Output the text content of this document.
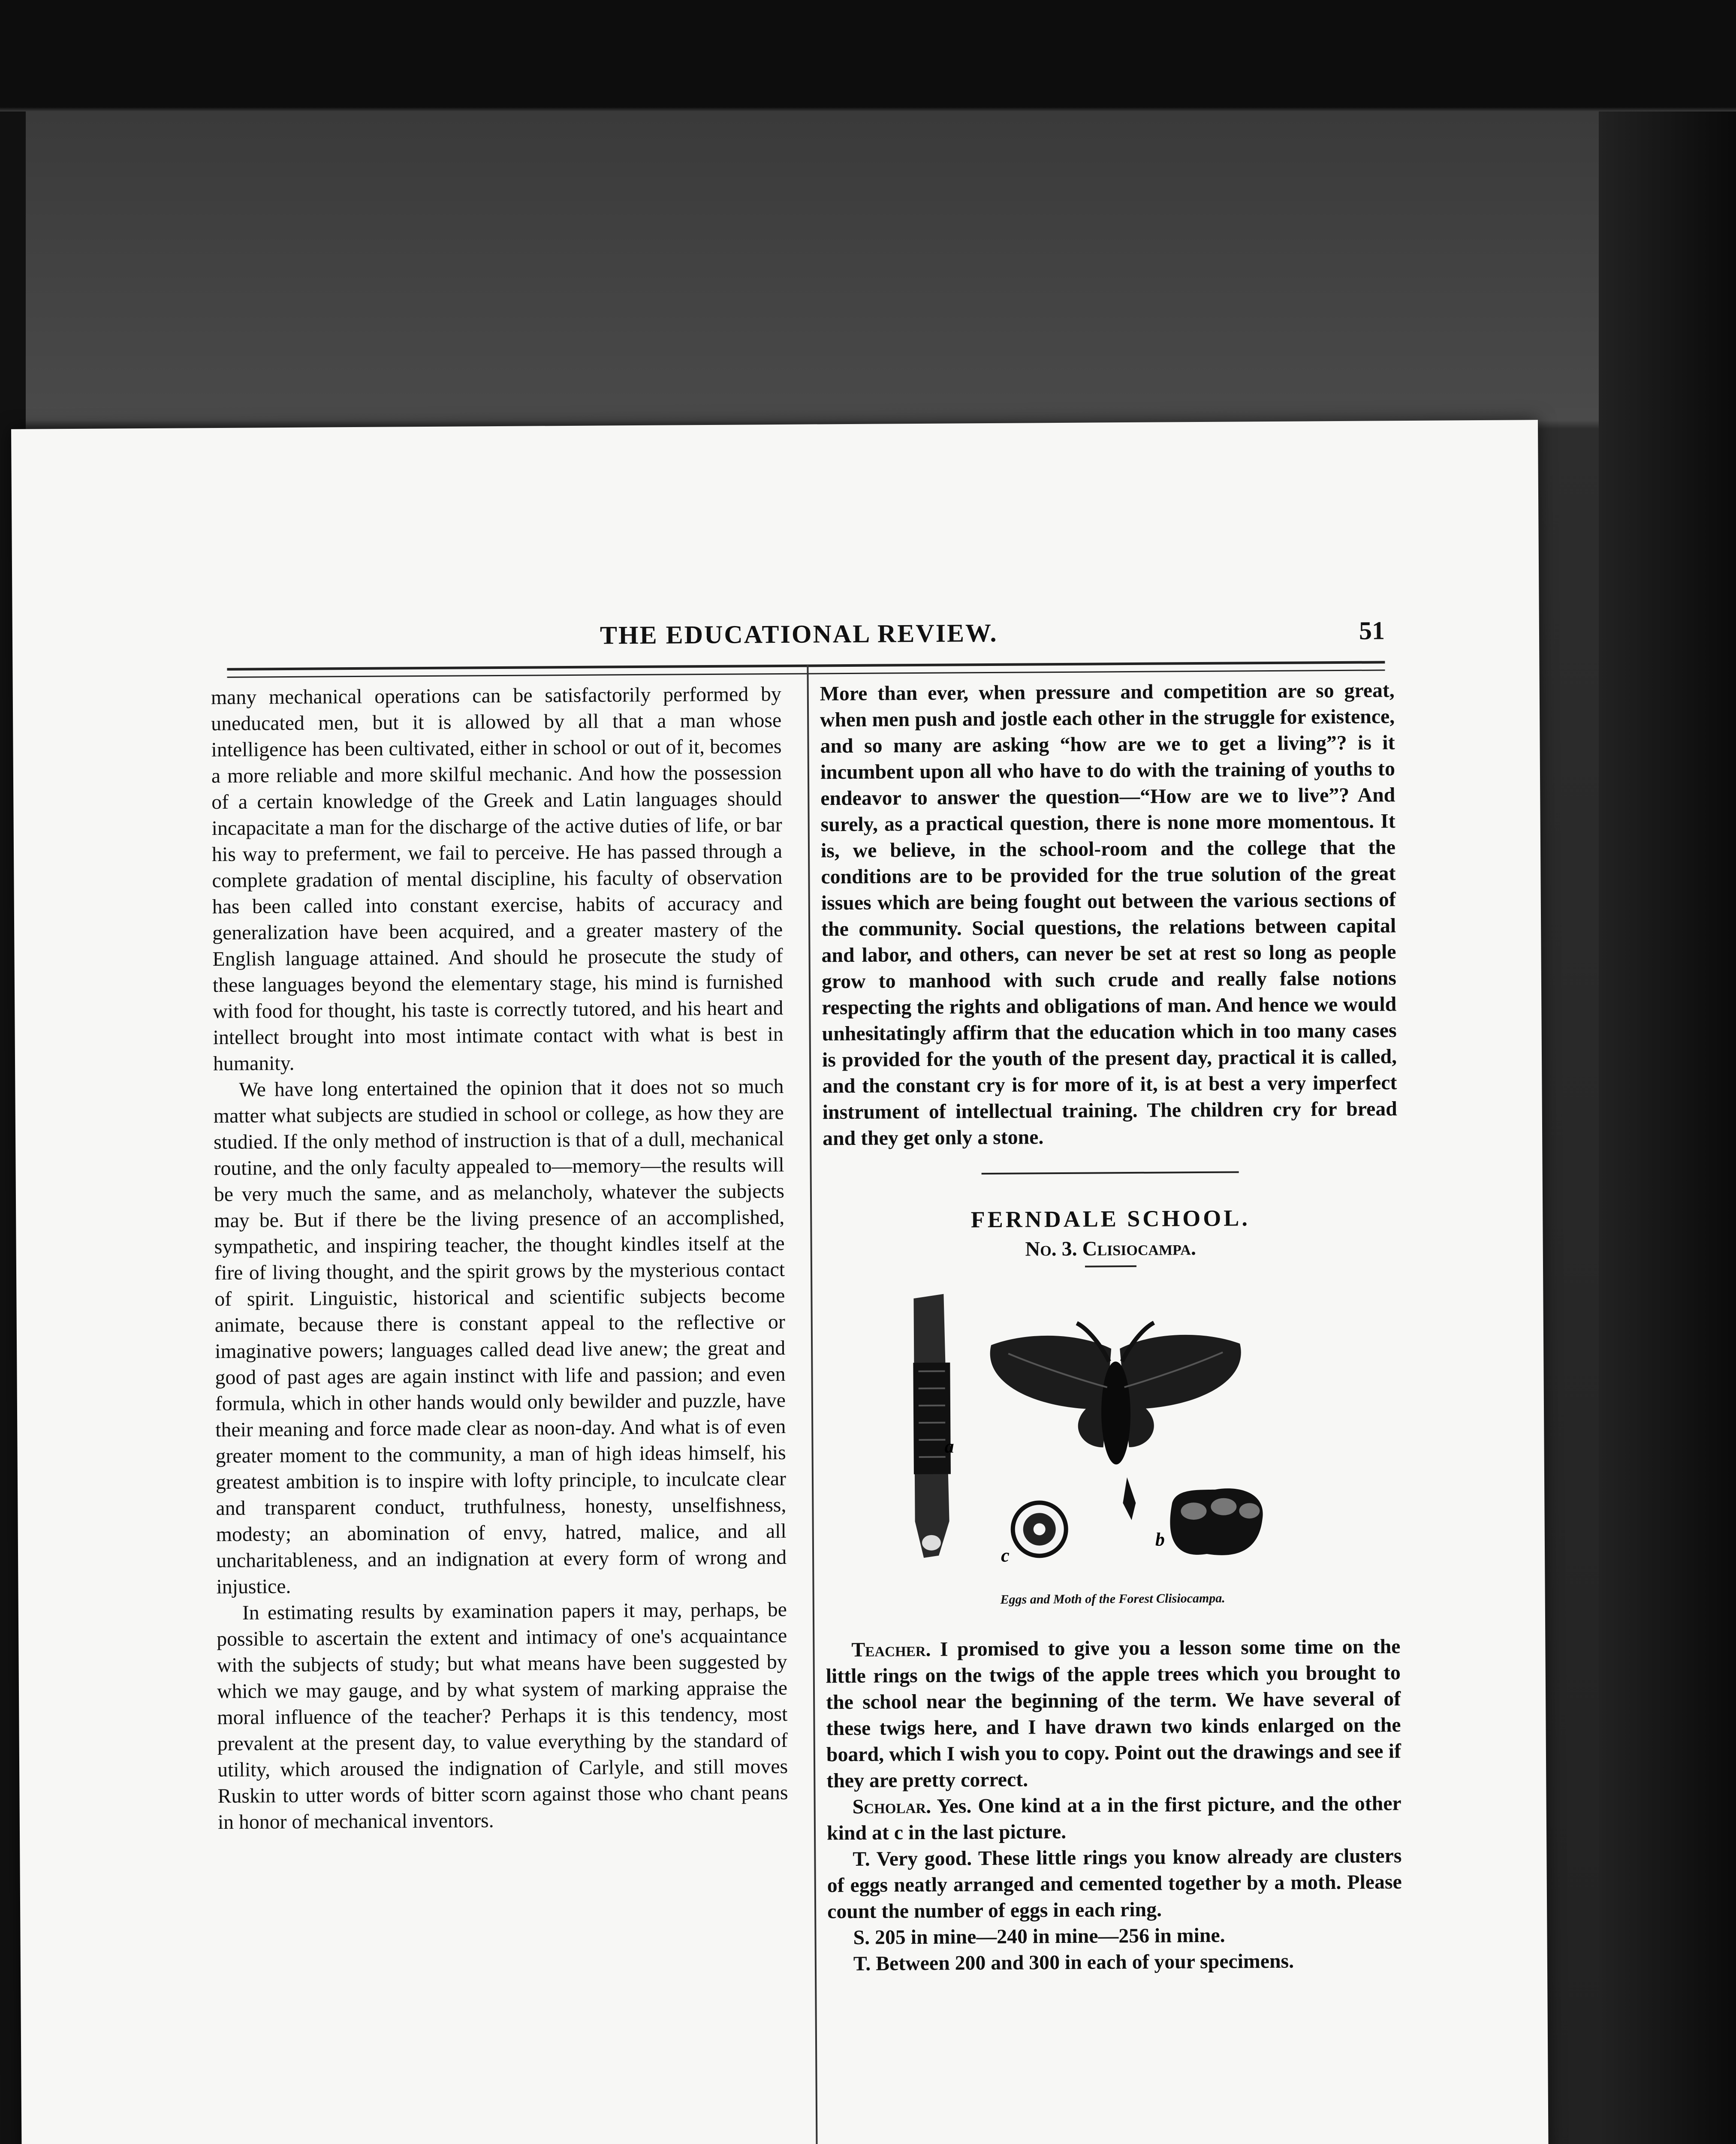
THE EDUCATIONAL REVIEW.	51

many mechanical operations can be satisfactorily performed by uneducated men, but it is allowed by all that a man whose intelligence has been cultivated, either in school or out of it, becomes a more reliable and more skilful mechanic. And how the possession of a certain knowledge of the Greek and Latin languages should incapacitate a man for the discharge of the active duties of life, or bar his way to preferment, we fail to perceive. He has passed through a complete gradation of mental discipline, his faculty of observation has been called into constant exercise, habits of accuracy and generalization have been acquired, and a greater mastery of the English language attained. And should he prosecute the study of these languages beyond the elementary stage, his mind is furnished with food for thought, his taste is correctly tutored, and his heart and intellect brought into most intimate contact with what is best in humanity.

We have long entertained the opinion that it does not so much matter what subjects are studied in school or college, as how they are studied. If the only method of instruction is that of a dull, mechanical routine, and the only faculty appealed to—memory—the results will be very much the same, and as melancholy, whatever the subjects may be. But if there be the living presence of an accomplished, sympathetic, and inspiring teacher, the thought kindles itself at the fire of living thought, and the spirit grows by the mysterious contact of spirit. Linguistic, historical and scientific subjects become animate, because there is constant appeal to the reflective or imaginative powers; languages called dead live anew; the great and good of past ages are again instinct with life and passion; and even formula, which in other hands would only bewilder and puzzle, have their meaning and force made clear as noon-day. And what is of even greater moment to the community, a man of high ideas himself, his greatest ambition is to inspire with lofty principle, to inculcate clear and transparent conduct, truthfulness, honesty, unselfishness, modesty; an abomination of envy, hatred, malice, and all uncharitableness, and an indignation at every form of wrong and injustice.

In estimating results by examination papers it may, perhaps, be possible to ascertain the extent and intimacy of one's acquaintance with the subjects of study; but what means have been suggested by which we may gauge, and by what system of marking appraise the moral influence of the teacher? Perhaps it is this tendency, most prevalent at the present day, to value everything by the standard of utility, which aroused the indignation of Carlyle, and still moves Ruskin to utter words of bitter scorn against those who chant peans in honor of mechanical inventors.

More than ever, when pressure and competition are so great, when men push and jostle each other in the struggle for existence, and so many are asking “how are we to get a living”? is it incumbent upon all who have to do with the training of youths to endeavor to answer the question—“How are we to live”? And surely, as a practical question, there is none more momentous. It is, we believe, in the school-room and the college that the conditions are to be provided for the true solution of the great issues which are being fought out between the various sections of the community. Social questions, the relations between capital and labor, and others, can never be set at rest so long as people grow to manhood with such crude and really false notions respecting the rights and obligations of man. And hence we would unhesitatingly affirm that the education which in too many cases is provided for the youth of the present day, practical it is called, and the constant cry is for more of it, is at best a very imperfect instrument of intellectual training. The children cry for bread and they get only a stone.

FERNDALE SCHOOL.
No. 3. Clisiocampa.
a
c
b
Eggs and Moth of the Forest Clisiocampa.

Teacher. I promised to give you a lesson some time on the little rings on the twigs of the apple trees which you brought to the school near the beginning of the term. We have several of these twigs here, and I have drawn two kinds enlarged on the board, which I wish you to copy. Point out the drawings and see if they are pretty correct.

Scholar. Yes. One kind at a in the first picture, and the other kind at c in the last picture.

T. Very good. These little rings you know already are clusters of eggs neatly arranged and cemented together by a moth. Please count the number of eggs in each ring.

S. 205 in mine—240 in mine—256 in mine.

T. Between 200 and 300 in each of your specimens.
